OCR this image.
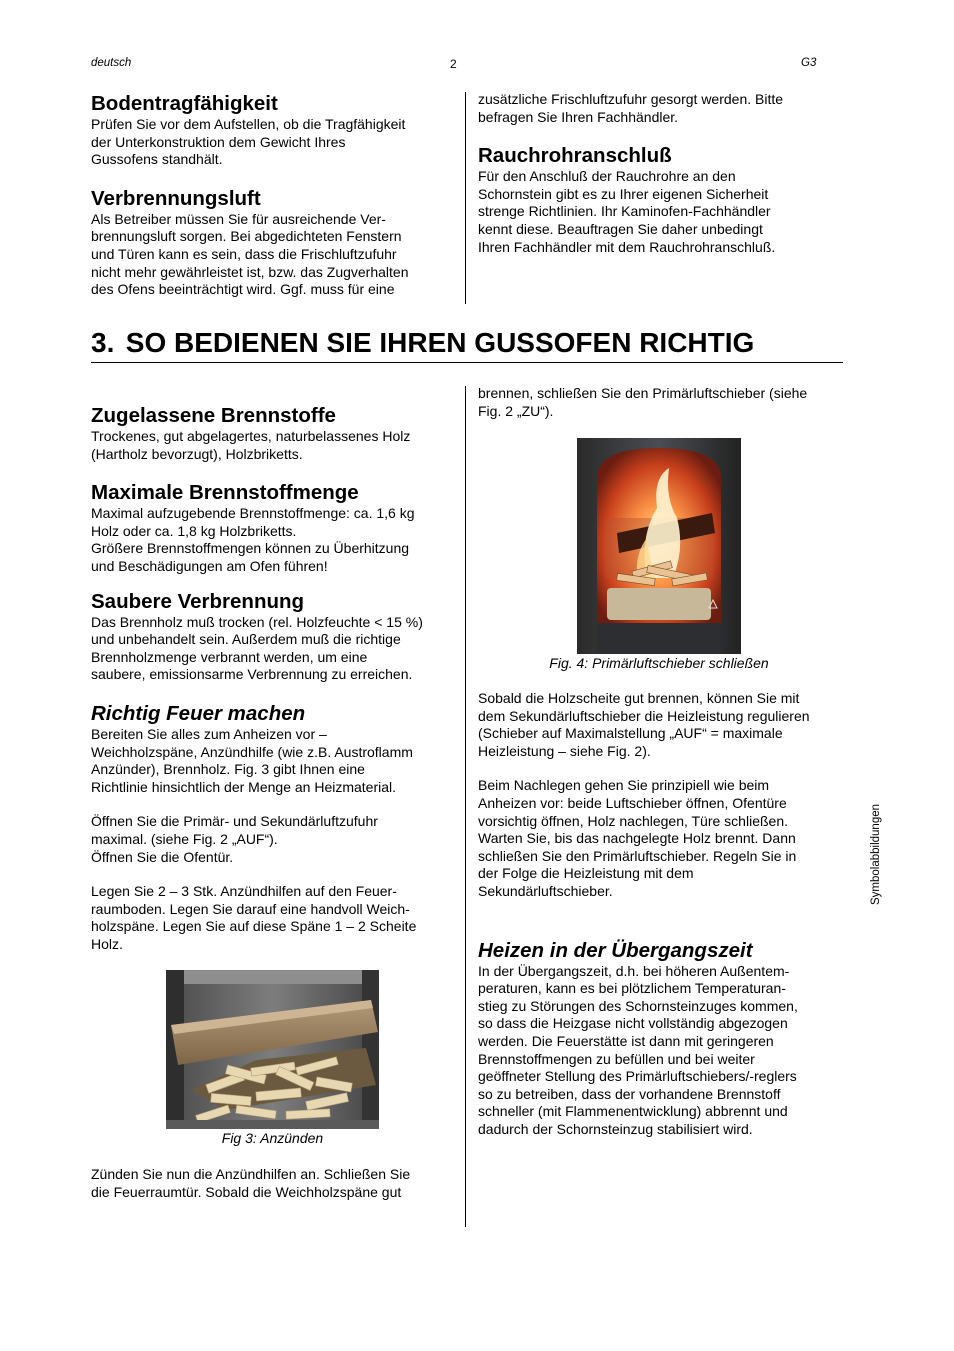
deutsch	2	G3
Bodentragfähigkeit

Prüfen Sie vor dem Aufstellen, ob die Tragfähigkeit
der Unterkonstruktion dem Gewicht Ihres
Gussofens standhält.

Verbrennungsluft

Als Betreiber müssen Sie für ausreichende Ver-
brennungsluft sorgen. Bei abgedichteten Fenstern
und Türen kann es sein, dass die Frischluftzufuhr
nicht mehr gewährleistet ist, bzw. das Zugverhalten
des Ofens beeinträchtigt wird. Ggf. muss für eine

zusätzliche Frischluftzufuhr gesorgt werden. Bitte
befragen Sie Ihren Fachhändler.

Rauchrohranschluß

Für den Anschluß der Rauchrohre an den
Schornstein gibt es zu Ihrer eigenen Sicherheit
strenge Richtlinien. Ihr Kaminofen-Fachhändler
kennt diese. Beauftragen Sie daher unbedingt
Ihren Fachhändler mit dem Rauchrohranschluß.

3. SO BEDIENEN SIE IHREN GUSSOFEN RICHTIG
Zugelassene Brennstoffe

Trockenes, gut abgelagertes, naturbelassenes Holz
(Hartholz bevorzugt), Holzbriketts.

Maximale Brennstoffmenge

Maximal aufzugebende Brennstoffmenge: ca. 1,6 kg
Holz oder ca. 1,8 kg Holzbriketts.
Größere Brennstoffmengen können zu Überhitzung
und Beschädigungen am Ofen führen!

Saubere Verbrennung

Das Brennholz muß trocken (rel. Holzfeuchte < 15 %)
und unbehandelt sein. Außerdem muß die richtige
Brennholzmenge verbrannt werden, um eine
saubere, emissionsarme Verbrennung zu erreichen.

Richtig Feuer machen

Bereiten Sie alles zum Anheizen vor –
Weichholzspäne, Anzündhilfe (wie z.B. Austroflamm
Anzünder), Brennholz. Fig. 3 gibt Ihnen eine
Richtlinie hinsichtlich der Menge an Heizmaterial.

Öffnen Sie die Primär- und Sekundärluftzufuhr
maximal. (siehe Fig. 2 „AUF“).
Öffnen Sie die Ofentür.

Legen Sie 2 – 3 Stk. Anzündhilfen auf den Feuer-
raumboden. Legen Sie darauf eine handvoll Weich-
holzspäne. Legen Sie auf diese Späne 1 – 2 Scheite
Holz.

Fig 3: Anzünden

Zünden Sie nun die Anzündhilfen an. Schließen Sie
die Feuerraumtür. Sobald die Weichholzspäne gut

brennen, schließen Sie den Primärluftschieber (siehe
Fig. 2 „ZU“).

Fig. 4: Primärluftschieber schließen

Sobald die Holzscheite gut brennen, können Sie mit
dem Sekundärluftschieber die Heizleistung regulieren
(Schieber auf Maximalstellung „AUF“ = maximale
Heizleistung – siehe Fig. 2).

Beim Nachlegen gehen Sie prinzipiell wie beim
Anheizen vor: beide Luftschieber öffnen, Ofentüre
vorsichtig öffnen, Holz nachlegen, Türe schließen.
Warten Sie, bis das nachgelegte Holz brennt. Dann
schließen Sie den Primärluftschieber. Regeln Sie in
der Folge die Heizleistung mit dem
Sekundärluftschieber.

Heizen in der Übergangszeit

In der Übergangszeit, d.h. bei höheren Außentem-
peraturen, kann es bei plötzlichem Temperaturan-
stieg zu Störungen des Schornsteinzuges kommen,
so dass die Heizgase nicht vollständig abgezogen
werden. Die Feuerstätte ist dann mit geringeren
Brennstoffmengen zu befüllen und bei weiter
geöffneter Stellung des Primärluftschiebers/-reglers
so zu betreiben, dass der vorhandene Brennstoff
schneller (mit Flammenentwicklung) abbrennt und
dadurch der Schornsteinzug stabilisiert wird.

Symbolabbildungen
